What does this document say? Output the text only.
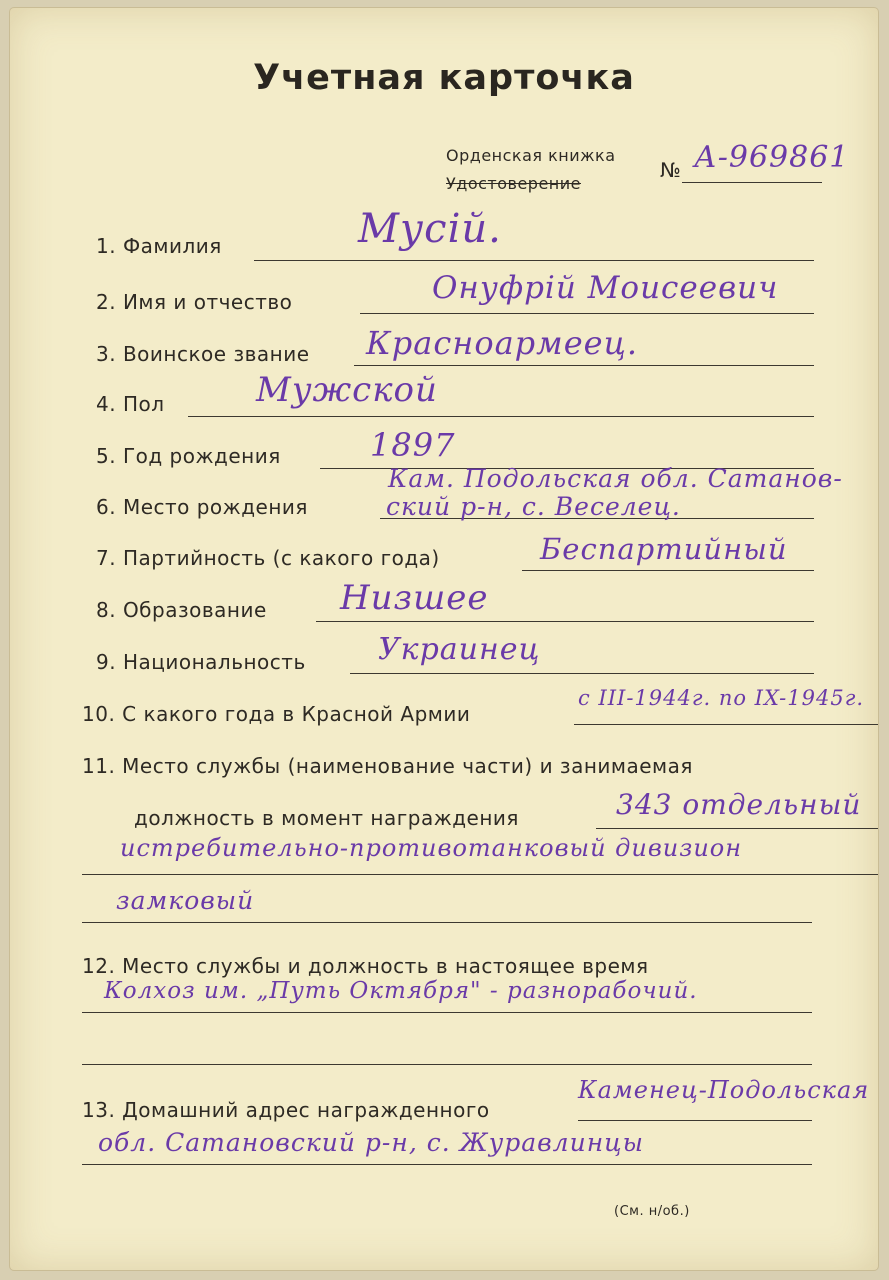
Учетная карточка
Орденская книжка
Удостоверение
№ А-969861
1. Фамилия	Мусій.
2. Имя и отчество	Онуфрій Моисеевич
3. Воинское звание Красноармеец.
4. Пол	Мужской
5. Год рождения	1897
6. Место рождения
Кам. Подольская обл. Сатанов-
ский р-н, с. Веселец.
7. Партийность (с какого года)	Беспартийный
8. Образование Низшее
9. Национальность Украинец
10. С какого года в Красной Армии
с III-1944г. по IX-1945г.
11. Место службы (наименование части) и занимаемая
должность в момент награждения	343 отдельный
истребительно-противотанковый дивизион
замковый
12. Место службы и должность в настоящее время
Колхоз им. „Путь Октября" - разнорабочий.
13. Домашний адрес награжденного
Каменец-Подольская
обл. Сатановский р-н, с. Журавлинцы
(См. н/об.)
